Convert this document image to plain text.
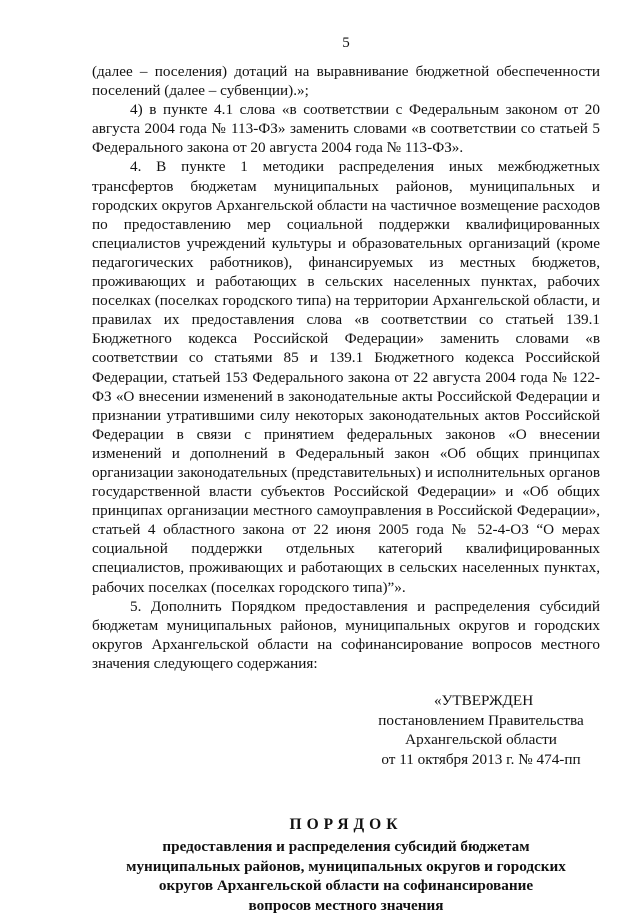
5

(далее – поселения) дотаций на выравнивание бюджетной обеспеченности поселений (далее – субвенции).»;

4) в пункте 4.1 слова «в соответствии с Федеральным законом от 20 августа 2004 года № 113-ФЗ» заменить словами «в соответствии со статьей 5 Федерального закона от 20 августа 2004 года № 113-ФЗ».

4. В пункте 1 методики распределения иных межбюджетных трансфертов бюджетам муниципальных районов, муниципальных и городских округов Архангельской области на частичное возмещение расходов по предоставлению мер социальной поддержки квалифицированных специалистов учреждений культуры и образовательных организаций (кроме педагогических работников), финансируемых из местных бюджетов, проживающих и работающих в сельских населенных пунктах, рабочих поселках (поселках городского типа) на территории Архангельской области, и правилах их предоставления слова «в соответствии со статьей 139.1 Бюджетного кодекса Российской Федерации» заменить словами «в соответствии со статьями 85 и 139.1 Бюджетного кодекса Российской Федерации, статьей 153 Федерального закона от 22 августа 2004 года № 122-ФЗ «О внесении изменений в законодательные акты Российской Федерации и признании утратившими силу некоторых законодательных актов Российской Федерации в связи с принятием федеральных законов «О внесении изменений и дополнений в Федеральный закон «Об общих принципах организации законодательных (представительных) и исполнительных органов государственной власти субъектов Российской Федерации» и «Об общих принципах организации местного самоуправления в Российской Федерации», статьей 4 областного закона от 22 июня 2005 года № 52-4-ОЗ “О мерах социальной поддержки отдельных категорий квалифицированных специалистов, проживающих и работающих в сельских населенных пунктах, рабочих поселках (поселках городского типа)”».

5. Дополнить Порядком предоставления и распределения субсидий бюджетам муниципальных районов, муниципальных округов и городских округов Архангельской области на софинансирование вопросов местного значения следующего содержания:

«УТВЕРЖДЕН
постановлением Правительства
Архангельской области
от 11 октября 2013 г. № 474-пп
ПОРЯДОК
предоставления и распределения субсидий бюджетам
муниципальных районов, муниципальных округов и городских
округов Архангельской области на софинансирование
вопросов местного значения
